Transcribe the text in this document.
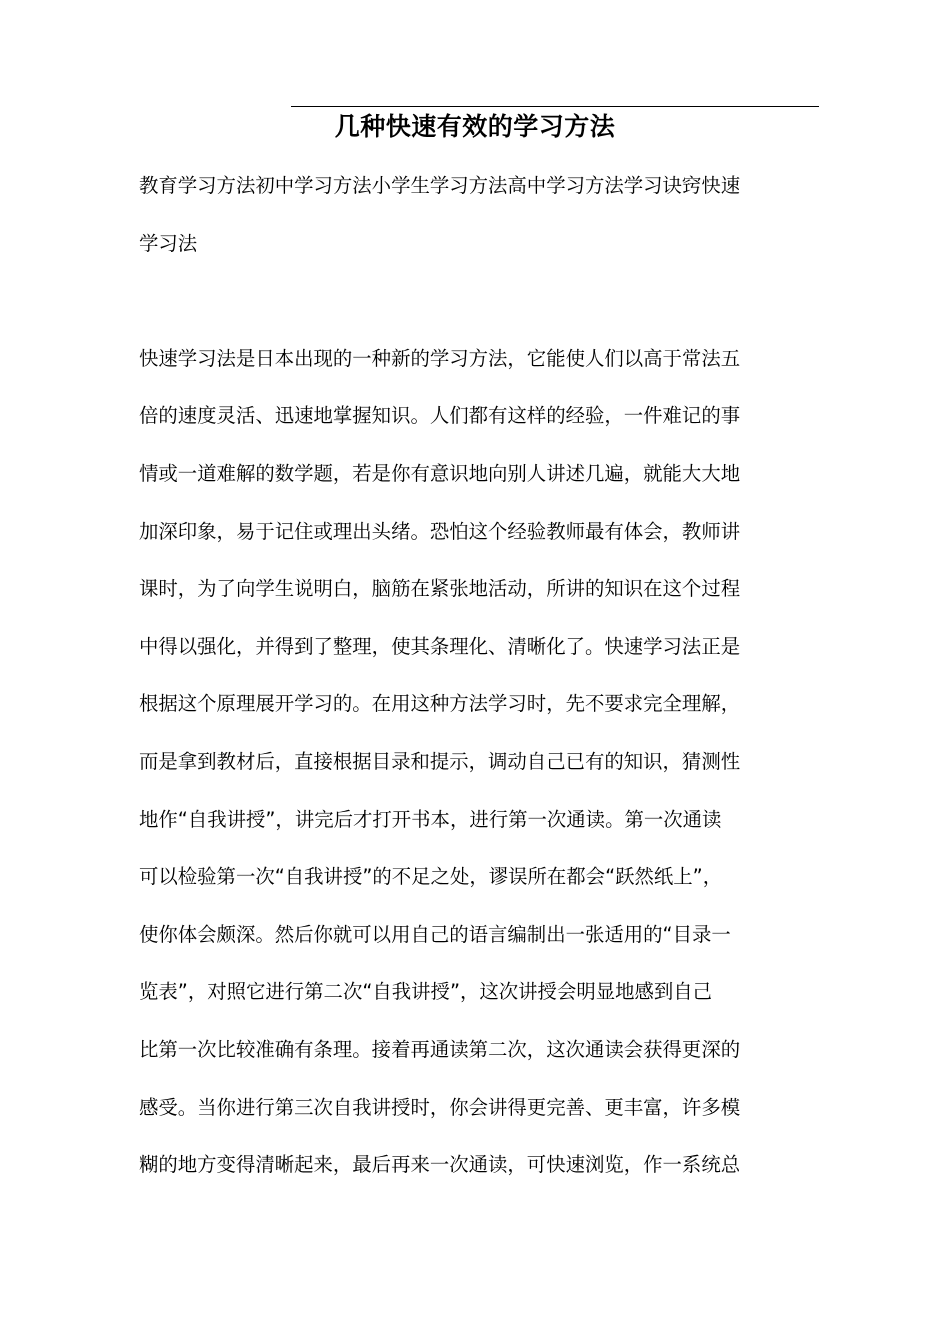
几种快速有效的学习方法
教育学习方法初中学习方法小学生学习方法高中学习方法学习诀窍快速
学习法
快速学习法是日本出现的一种新的学习方法，它能使人们以高于常法五
倍的速度灵活、迅速地掌握知识。人们都有这样的经验，一件难记的事
情或一道难解的数学题，若是你有意识地向别人讲述几遍，就能大大地
加深印象，易于记住或理出头绪。恐怕这个经验教师最有体会，教师讲
课时，为了向学生说明白，脑筋在紧张地活动，所讲的知识在这个过程
中得以强化，并得到了整理，使其条理化、清晰化了。快速学习法正是
根据这个原理展开学习的。在用这种方法学习时，先不要求完全理解，
而是拿到教材后，直接根据目录和提示，调动自己已有的知识，猜测性
地作“自我讲授”，讲完后才打开书本，进行第一次通读。第一次通读
可以检验第一次“自我讲授”的不足之处，谬误所在都会“跃然纸上”，
使你体会颇深。然后你就可以用自己的语言编制出一张适用的“目录一
览表”，对照它进行第二次“自我讲授”，这次讲授会明显地感到自己
比第一次比较准确有条理。接着再通读第二次，这次通读会获得更深的
感受。当你进行第三次自我讲授时，你会讲得更完善、更丰富，许多模
糊的地方变得清晰起来，最后再来一次通读，可快速浏览，作一系统总
